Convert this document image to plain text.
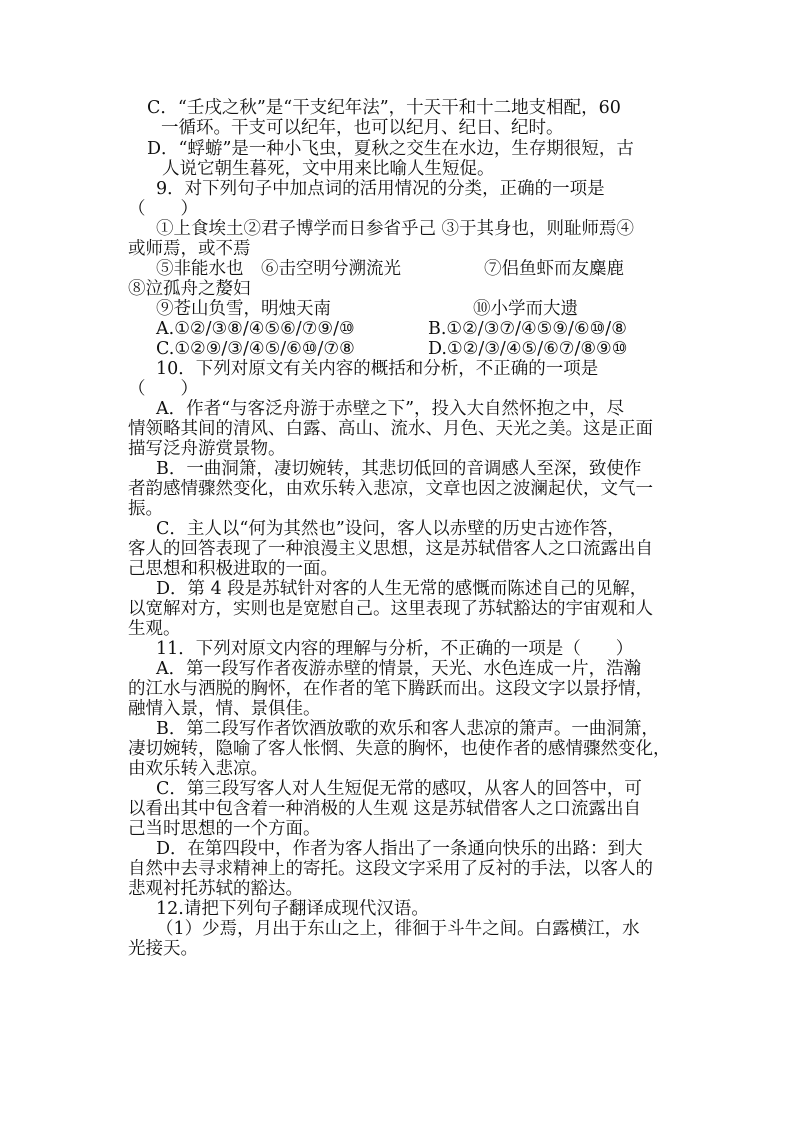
C．“壬戌之秋”是“干支纪年法”，十天干和十二地支相配，60
一循环。干支可以纪年，也可以纪月、纪日、纪时。
D．“蜉蝣”是一种小飞虫，夏秋之交生在水边，生存期很短，古
人说它朝生暮死，文中用来比喻人生短促。
9．对下列句子中加点词的活用情况的分类，正确的一项是
（　　）
①上食埃土②君子博学而日参省乎己 ③于其身也，则耻师焉④
或师焉，或不焉
⑤非能水也　⑥击空明兮溯流光	⑦侣鱼虾而友麋鹿
⑧泣孤舟之嫠妇
⑨苍山负雪，明烛天南	⑩小学而大遗
A.①②/③⑧/④⑤⑥/⑦⑨/⑩	B.①②/③⑦/④⑤⑨/⑥⑩/⑧
C.①②⑨/③/④⑤/⑥⑩/⑦⑧	D.①②/③/④⑤/⑥⑦/⑧⑨⑩
10．下列对原文有关内容的概括和分析，不正确的一项是
（　　）
A．作者“与客泛舟游于赤壁之下”，投入大自然怀抱之中，尽
情领略其间的清风、白露、高山、流水、月色、天光之美。这是正面
描写泛舟游赏景物。
B．一曲洞箫，凄切婉转，其悲切低回的音调感人至深，致使作
者韵感情骤然变化，由欢乐转入悲凉，文章也因之波澜起伏，文气一
振。
C．主人以“何为其然也”设问，客人以赤壁的历史古迹作答，
客人的回答表现了一种浪漫主义思想，这是苏轼借客人之口流露出自
己思想和积极进取的一面。
D．第 4 段是苏轼针对客的人生无常的感慨而陈述自己的见解，
以宽解对方，实则也是宽慰自己。这里表现了苏轼豁达的宇宙观和人
生观。
11．下列对原文内容的理解与分析，不正确的一项是（　　）
A．第一段写作者夜游赤壁的情景，天光、水色连成一片，浩瀚
的江水与洒脱的胸怀，在作者的笔下腾跃而出。这段文字以景抒情，
融情入景，情、景俱佳。
B．第二段写作者饮酒放歌的欢乐和客人悲凉的箫声。一曲洞箫，
凄切婉转，隐喻了客人怅惘、失意的胸怀，也使作者的感情骤然变化，
由欢乐转入悲凉。
C．第三段写客人对人生短促无常的感叹，从客人的回答中，可
以看出其中包含着一种消极的人生观 这是苏轼借客人之口流露出自
己当时思想的一个方面。
D．在第四段中，作者为客人指出了一条通向快乐的出路：到大
自然中去寻求精神上的寄托。这段文字采用了反衬的手法，以客人的
悲观衬托苏轼的豁达。
12.请把下列句子翻译成现代汉语。
（1）少焉，月出于东山之上，徘徊于斗牛之间。白露横江，水
光接天。
